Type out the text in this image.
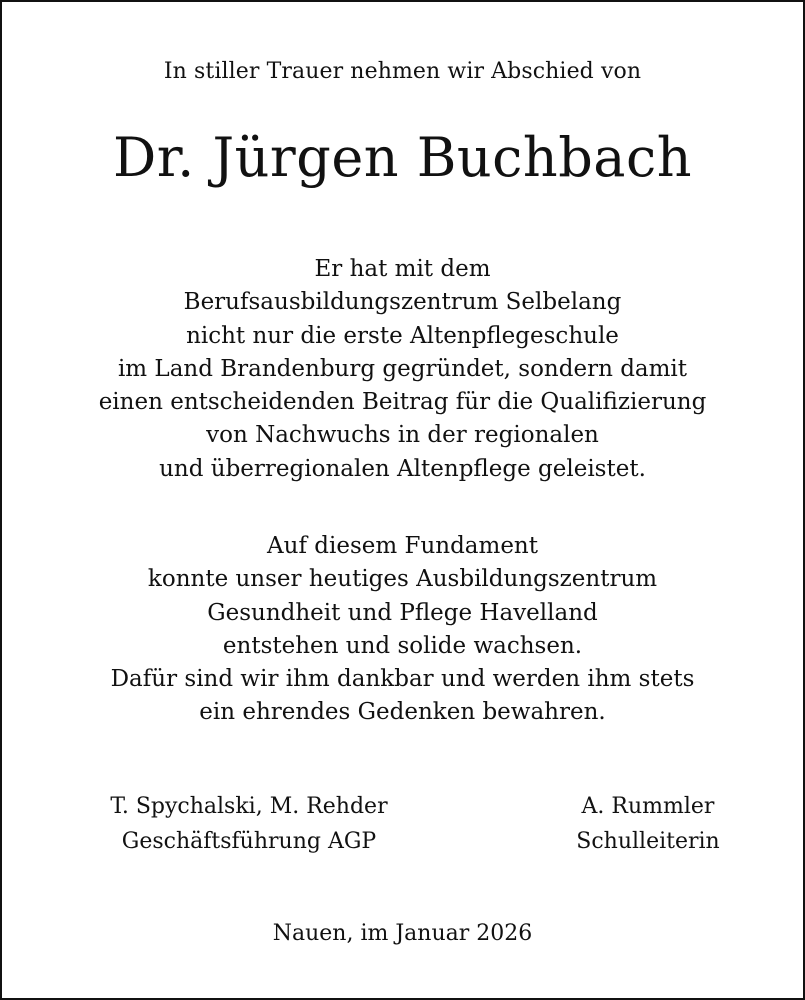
In stiller Trauer nehmen wir Abschied von
Dr. Jürgen Buchbach
Er hat mit dem
Berufsausbildungszentrum Selbelang
nicht nur die erste Altenpflegeschule
im Land Brandenburg gegründet, sondern damit
einen entscheidenden Beitrag für die Qualifizierung
von Nachwuchs in der regionalen
und überregionalen Altenpflege geleistet.
Auf diesem Fundament
konnte unser heutiges Ausbildungszentrum
Gesundheit und Pflege Havelland
entstehen und solide wachsen.
Dafür sind wir ihm dankbar und werden ihm stets
ein ehrendes Gedenken bewahren.
T. Spychalski, M. Rehder
Geschäftsführung AGP
A. Rummler
Schulleiterin
Nauen, im Januar 2026
